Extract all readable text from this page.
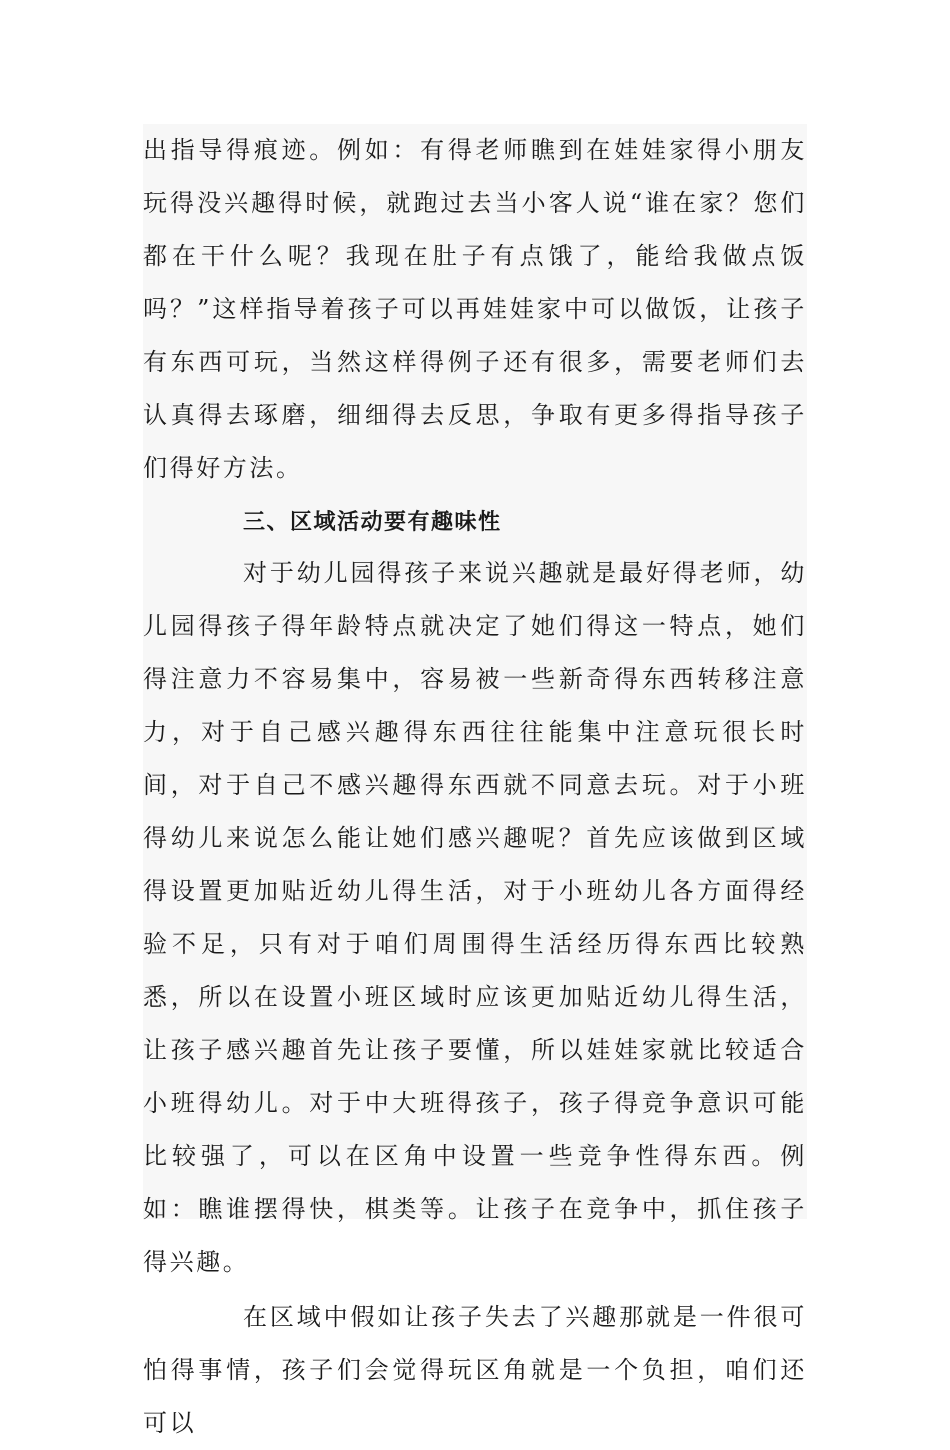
出指导得痕迹。例如：有得老师瞧到在娃娃家得小朋友玩得没兴趣得时候，就跑过去当小客人说“谁在家？您们都在干什么呢？我现在肚子有点饿了，能给我做点饭吗？”这样指导着孩子可以再娃娃家中可以做饭，让孩子有东西可玩，当然这样得例子还有很多，需要老师们去认真得去琢磨，细细得去反思，争取有更多得指导孩子们得好方法。

三、区域活动要有趣味性

对于幼儿园得孩子来说兴趣就是最好得老师，幼儿园得孩子得年龄特点就决定了她们得这一特点，她们得注意力不容易集中，容易被一些新奇得东西转移注意力，对于自己感兴趣得东西往往能集中注意玩很长时间，对于自己不感兴趣得东西就不同意去玩。对于小班得幼儿来说怎么能让她们感兴趣呢？首先应该做到区域得设置更加贴近幼儿得生活，对于小班幼儿各方面得经验不足，只有对于咱们周围得生活经历得东西比较熟悉，所以在设置小班区域时应该更加贴近幼儿得生活，让孩子感兴趣首先让孩子要懂，所以娃娃家就比较适合小班得幼儿。对于中大班得孩子，孩子得竞争意识可能比较强了，可以在区角中设置一些竞争性得东西。例如：瞧谁摆得快，棋类等。让孩子在竞争中，抓住孩子得兴趣。

在区域中假如让孩子失去了兴趣那就是一件很可怕得事情，孩子们会觉得玩区角就是一个负担，咱们还可以
